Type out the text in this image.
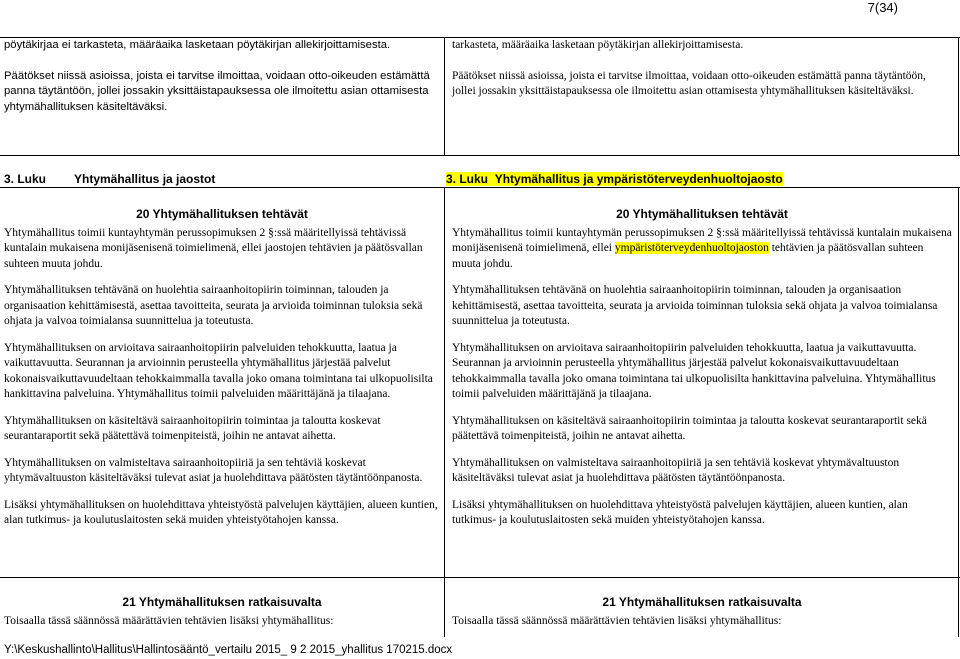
7(34)

pöytäkirjaa ei tarkasteta, määräaika lasketaan pöytäkirjan allekirjoittamisesta.

Päätökset niissä asioissa, joista ei tarvitse ilmoittaa, voidaan otto-oikeuden estämättä panna täytäntöön, jollei jossakin yksittäistapauksessa ole ilmoitettu asian ottamisesta yhtymähallituksen käsiteltäväksi.

tarkasteta, määräaika lasketaan pöytäkirjan allekirjoittamisesta.

Päätökset niissä asioissa, joista ei tarvitse ilmoittaa, voidaan otto-oikeuden estämättä panna täytäntöön, jollei jossakin yksittäistapauksessa ole ilmoitettu asian ottamisesta yhtymähallituksen käsiteltäväksi.

3. Luku Yhtymähallitus ja jaostot	3. Luku Yhtymähallitus ja ympäristöterveydenhuoltojaosto
20 Yhtymähallituksen tehtävät

Yhtymähallitus toimii kuntayhtymän perussopimuksen 2 §:ssä määritellyissä tehtävissä kuntalain mukaisena monijäsenisenä toimielimenä, ellei jaostojen tehtävien ja päätösvallan suhteen muuta johdu.

Yhtymähallituksen tehtävänä on huolehtia sairaanhoitopiirin toiminnan, talouden ja organisaation kehittämisestä, asettaa tavoitteita, seurata ja arvioida toiminnan tuloksia sekä ohjata ja valvoa toimialansa suunnittelua ja toteutusta.

Yhtymähallituksen on arvioitava sairaanhoitopiirin palveluiden tehokkuutta, laatua ja vaikuttavuutta. Seurannan ja arvioinnin perusteella yhtymähallitus järjestää palvelut kokonaisvaikuttavuudeltaan tehokkaimmalla tavalla joko omana toimintana tai ulkopuolisilta hankittavina palveluina. Yhtymähallitus toimii palveluiden määrittäjänä ja tilaajana.

Yhtymähallituksen on käsiteltävä sairaanhoitopiirin toimintaa ja taloutta koskevat seurantaraportit sekä päätettävä toimenpiteistä, joihin ne antavat aihetta.

Yhtymähallituksen on valmisteltava sairaanhoitopiiriä ja sen tehtäviä koskevat yhtymävaltuuston käsiteltäväksi tulevat asiat ja huolehdittava päätösten täytäntöönpanosta.

Lisäksi yhtymähallituksen on huolehdittava yhteistyöstä palvelujen käyttäjien, alueen kuntien, alan tutkimus- ja koulutuslaitosten sekä muiden yhteistyötahojen kanssa.

20 Yhtymähallituksen tehtävät

Yhtymähallitus toimii kuntayhtymän perussopimuksen 2 §:ssä määritellyissä tehtävissä kuntalain mukaisena monijäsenisenä toimielimenä, ellei ympäristöterveydenhuoltojaoston tehtävien ja päätösvallan suhteen muuta johdu.

Yhtymähallituksen tehtävänä on huolehtia sairaanhoitopiirin toiminnan, talouden ja organisaation kehittämisestä, asettaa tavoitteita, seurata ja arvioida toiminnan tuloksia sekä ohjata ja valvoa toimialansa suunnittelua ja toteutusta.

Yhtymähallituksen on arvioitava sairaanhoitopiirin palveluiden tehokkuutta, laatua ja vaikuttavuutta. Seurannan ja arvioinnin perusteella yhtymähallitus järjestää palvelut kokonaisvaikuttavuudeltaan tehokkaimmalla tavalla joko omana toimintana tai ulkopuolisilta hankittavina palveluina. Yhtymähallitus toimii palveluiden määrittäjänä ja tilaajana.

Yhtymähallituksen on käsiteltävä sairaanhoitopiirin toimintaa ja taloutta koskevat seurantaraportit sekä päätettävä toimenpiteistä, joihin ne antavat aihetta.

Yhtymähallituksen on valmisteltava sairaanhoitopiiriä ja sen tehtäviä koskevat yhtymävaltuuston käsiteltäväksi tulevat asiat ja huolehdittava päätösten täytäntöönpanosta.

Lisäksi yhtymähallituksen on huolehdittava yhteistyöstä palvelujen käyttäjien, alueen kuntien, alan tutkimus- ja koulutuslaitosten sekä muiden yhteistyötahojen kanssa.

21 Yhtymähallituksen ratkaisuvalta

Toisaalla tässä säännössä määrättävien tehtävien lisäksi yhtymähallitus:

21 Yhtymähallituksen ratkaisuvalta

Toisaalla tässä säännössä määrättävien tehtävien lisäksi yhtymähallitus:

Y:\Keskushallinto\Hallitus\Hallintosääntö_vertailu 2015_ 9 2 2015_yhallitus 170215.docx
